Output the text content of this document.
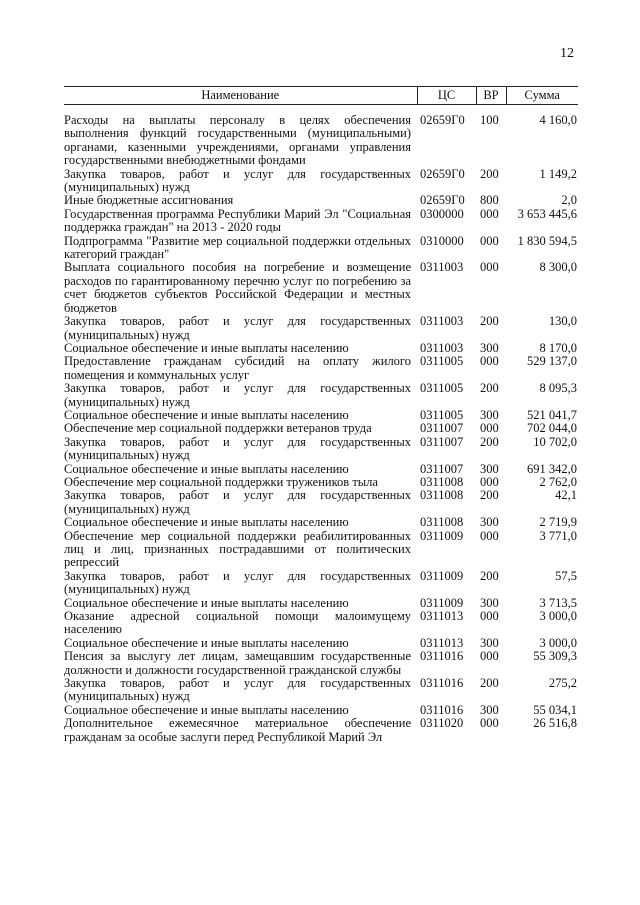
12
Наименование	ЦС	ВР	Сумма
Расходы на выплаты персоналу в целях обеспечения выполнения функций государственными (муниципальными) органами, казенными учреждениями, органами управления государственными внебюджетными фондами	02659Г0	100	4 160,0
Закупка товаров, работ и услуг для государственных (муниципальных) нужд	02659Г0	200	1 149,2
Иные бюджетные ассигнования	02659Г0	800	2,0
Государственная программа Республики Марий Эл "Социальная поддержка граждан" на 2013 - 2020 годы	0300000	000	3 653 445,6
Подпрограмма "Развитие мер социальной поддержки отдельных категорий граждан"	0310000	000	1 830 594,5
Выплата социального пособия на погребение и возмещение расходов по гарантированному перечню услуг по погребению за счет бюджетов субъектов Российской Федерации и местных бюджетов	0311003	000	8 300,0
Закупка товаров, работ и услуг для государственных (муниципальных) нужд	0311003	200	130,0
Социальное обеспечение и иные выплаты населению	0311003	300	8 170,0
Предоставление гражданам субсидий на оплату жилого помещения и коммунальных услуг	0311005	000	529 137,0
Закупка товаров, работ и услуг для государственных (муниципальных) нужд	0311005	200	8 095,3
Социальное обеспечение и иные выплаты населению	0311005	300	521 041,7
Обеспечение мер социальной поддержки ветеранов труда	0311007	000	702 044,0
Закупка товаров, работ и услуг для государственных (муниципальных) нужд	0311007	200	10 702,0
Социальное обеспечение и иные выплаты населению	0311007	300	691 342,0
Обеспечение мер социальной поддержки тружеников тыла	0311008	000	2 762,0
Закупка товаров, работ и услуг для государственных (муниципальных) нужд	0311008	200	42,1
Социальное обеспечение и иные выплаты населению	0311008	300	2 719,9
Обеспечение мер социальной поддержки реабилитированных лиц и лиц, признанных пострадавшими от политических репрессий	0311009	000	3 771,0
Закупка товаров, работ и услуг для государственных (муниципальных) нужд	0311009	200	57,5
Социальное обеспечение и иные выплаты населению	0311009	300	3 713,5
Оказание адресной социальной помощи малоимущему населению	0311013	000	3 000,0
Социальное обеспечение и иные выплаты населению	0311013	300	3 000,0
Пенсия за выслугу лет лицам, замещавшим государственные должности и должности государственной гражданской службы	0311016	000	55 309,3
Закупка товаров, работ и услуг для государственных (муниципальных) нужд	0311016	200	275,2
Социальное обеспечение и иные выплаты населению	0311016	300	55 034,1
Дополнительное ежемесячное материальное обеспечение гражданам за особые заслуги перед Республикой Марий Эл	0311020	000	26 516,8
